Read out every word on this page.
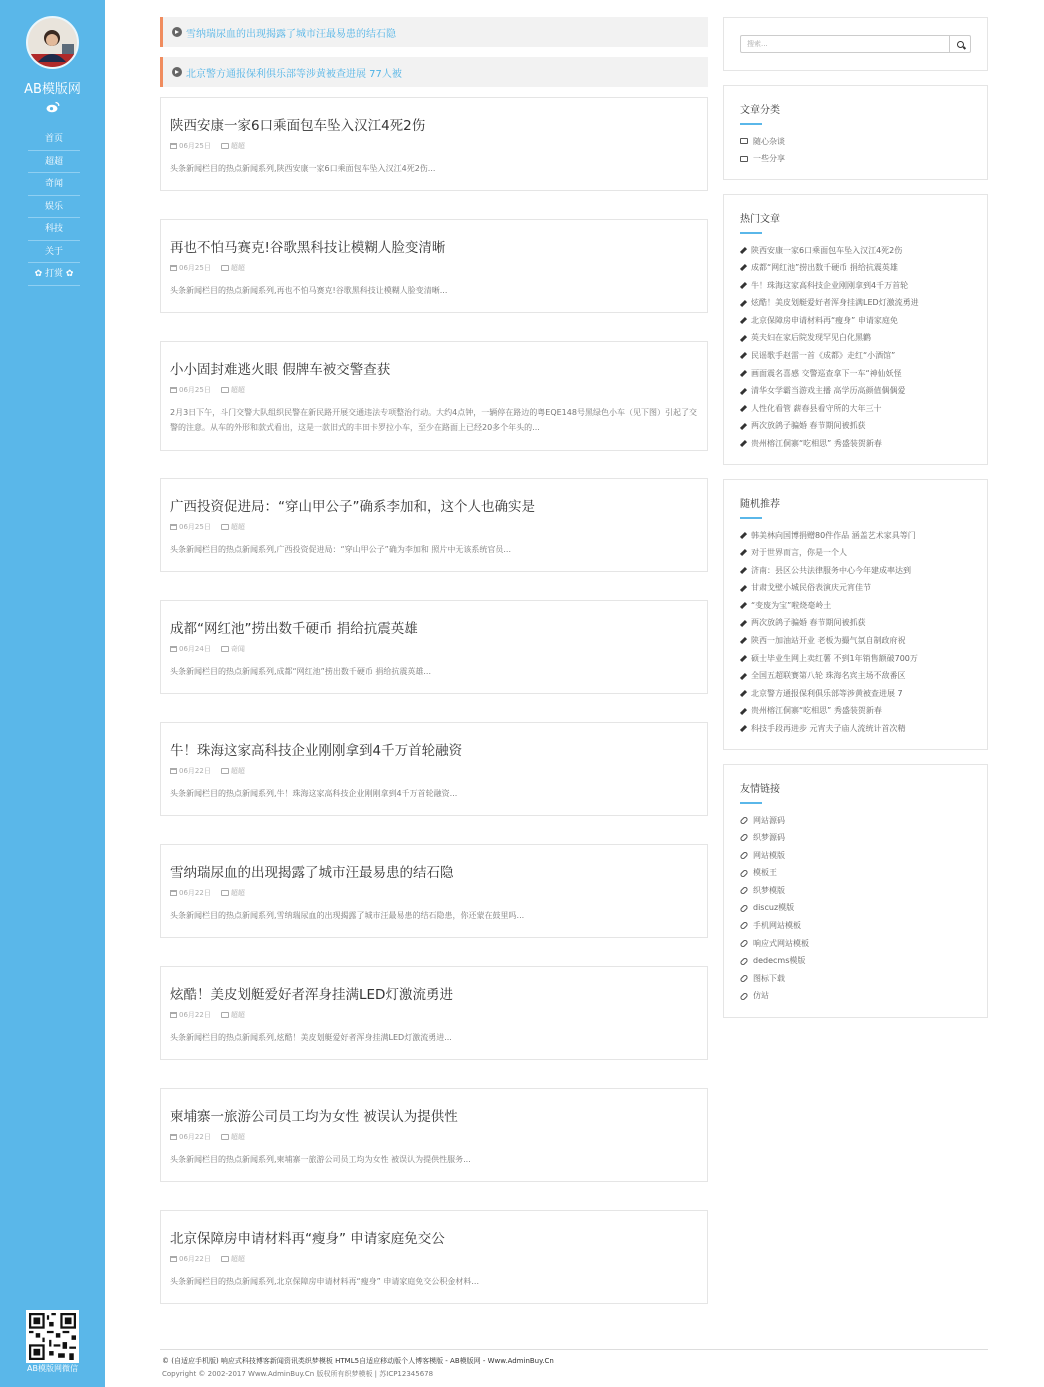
AB模版网
首页
超超
奇闻
娱乐
科技
关于
✿ 打赏 ✿
AB模版网微信
雪纳瑞尿血的出现揭露了城市汪最易患的结石隐
北京警方通报保利俱乐部等涉黄被查进展 77人被
陕西安康一家6口乘面包车坠入汉江4死2伤
06月25日	超超
头条新闻栏目的热点新闻系列,陕西安康一家6口乘面包车坠入汉江4死2伤...
再也不怕马赛克!谷歌黑科技让模糊人脸变清晰
06月25日	超超
头条新闻栏目的热点新闻系列,再也不怕马赛克!谷歌黑科技让模糊人脸变清晰...
小小固封难逃火眼 假牌车被交警查获
06月25日	超超
2月3日下午，斗门交警大队组织民警在新民路开展交通违法专项整治行动。大约4点钟，一辆停在路边的粤EQE148号黑绿色小车（见下图）引起了交警的注意。从车的外形和款式看出，这是一款旧式的丰田卡罗拉小车，至少在路面上已经20多个年头的...
广西投资促进局：“穿山甲公子”确系李加和，这个人也确实是
06月25日	超超
头条新闻栏目的热点新闻系列,广西投资促进局：“穿山甲公子”确为李加和 照片中无该系统官员...
成都“网红池”捞出数千硬币 捐给抗震英雄
06月24日	奇闻
头条新闻栏目的热点新闻系列,成都“网红池”捞出数千硬币 捐给抗震英雄...
牛！珠海这家高科技企业刚刚拿到4千万首轮融资
06月22日	超超
头条新闻栏目的热点新闻系列,牛！珠海这家高科技企业刚刚拿到4千万首轮融资...
雪纳瑞尿血的出现揭露了城市汪最易患的结石隐
06月22日	超超
头条新闻栏目的热点新闻系列,雪纳瑞尿血的出现揭露了城市汪最易患的结石隐患，你还蒙在鼓里吗...
炫酷！美皮划艇爱好者浑身挂满LED灯激流勇进
06月22日	超超
头条新闻栏目的热点新闻系列,炫酷！美皮划艇爱好者浑身挂满LED灯激流勇进...
柬埔寨一旅游公司员工均为女性 被误认为提供性
06月22日	超超
头条新闻栏目的热点新闻系列,柬埔寨一旅游公司员工均为女性 被误认为提供性服务...
北京保障房申请材料再“瘦身” 申请家庭免交公
06月22日	超超
头条新闻栏目的热点新闻系列,北京保障房申请材料再“瘦身” 申请家庭免交公积金材料...
搜索...
文章分类
随心杂谈
一些分享
热门文章
陕西安康一家6口乘面包车坠入汉江4死2伤
成都“网红池”捞出数千硬币 捐给抗震英雄
牛！珠海这家高科技企业刚刚拿到4千万首轮
炫酷！美皮划艇爱好者浑身挂满LED灯激流勇进
北京保障房申请材料再“瘦身” 申请家庭免
英夫妇在家后院发现罕见白化黑鹳
民谣歌手赵雷一首《成都》走红“小酒馆”
画面震名喜感 交警巡查拿下一车“神仙妖怪
清华女学霸当游戏主播 高学历高颜值偶偶爱
人性化看管 薪春县看守所的大年三十
两次放鸽子骗婚 春节期间被抓获
贵州榕江侗寨“吃相思” 秀盛装贺新春
随机推荐
韩美林向国博捐赠80件作品 涵盖艺术家具等门
对于世界而言，你是一个人
济南：县区公共法律服务中心今年建成率达到
甘肃戈壁小城民俗表演庆元宵佳节
“变废为宝”啦烧毫岭土
两次放鸽子骗婚 春节期间被抓获
陕西一加油站开业 老板为撮气氛自制政府祝
硕士毕业生网上卖红薯 不到1年销售额破700万
全国五超联赛第八轮 珠海名宾主场不敌番区
北京警方通报保利俱乐部等涉黄被查进展 7
贵州榕江侗寨“吃相思” 秀盛装贺新春
科技手段再进步 元宵夫子庙人流统计首次精
友情链接
网站源码
织梦源码
网站模版
模板王
织梦模版
discuz模版
手机网站模板
响应式网站模板
dedecms模版
图标下载
仿站
© (自适应手机版) 响应式科技博客新闻资讯类织梦模板 HTML5自适应移动版个人博客模版 - AB模版网 - Www.AdminBuy.Cn
Copyright © 2002-2017 Www.AdminBuy.Cn 版权所有织梦模板 | 苏ICP12345678
